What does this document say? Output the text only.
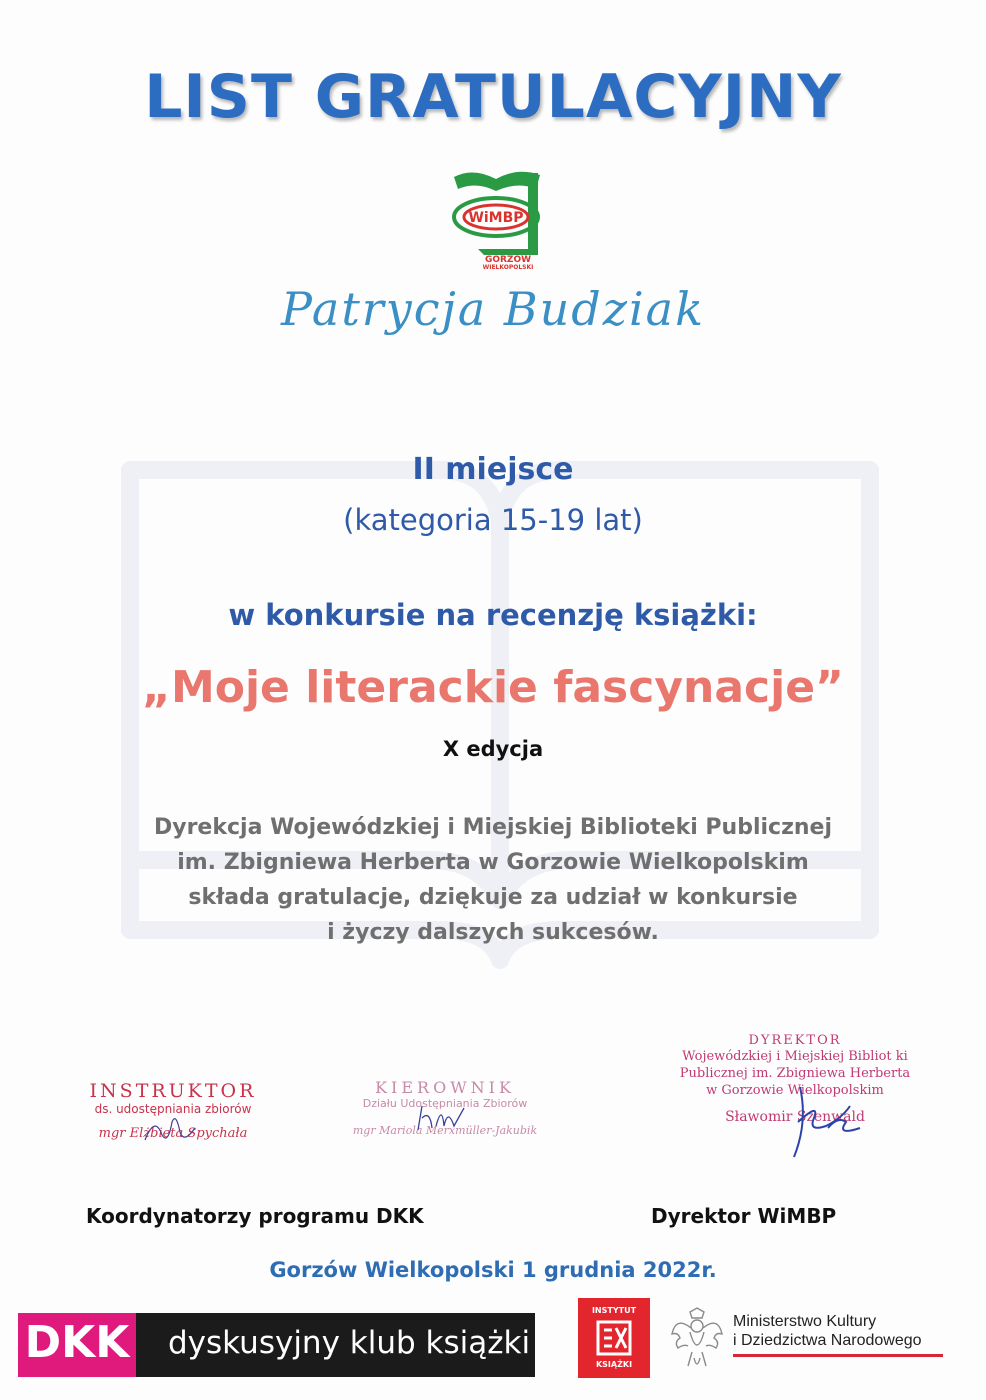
LIST GRATULACYJNY
WiMBP
GORZÓW
WIELKOPOLSKI
Patrycja Budziak
II miejsce
(kategoria 15-19 lat)
w konkursie na recenzję książki:
„Moje literackie fascynacje”
X edycja
Dyrekcja Wojewódzkiej i Miejskiej Biblioteki Publicznej
im. Zbigniewa Herberta w Gorzowie Wielkopolskim
składa gratulacje, dziękuje za udział w konkursie
i życzy dalszych sukcesów.
INSTRUKTOR
ds. udostępniania zbiorów
mgr Elżbieta Spychała
KIEROWNIK
Działu Udostępniania Zbiorów
mgr Mariola Merxmüller-Jakubik
DYREKTOR
Wojewódzkiej i Miejskiej Bibliot ki
Publicznej im. Zbigniewa Herberta
w Gorzowie Wielkopolskim
Sławomir Szenwald
Koordynatorzy programu DKK	Dyrektor WiMBP
Gorzów Wielkopolski 1 grudnia 2022r.
DKK dyskusyjny klub książki
INSTYTUT
KSIĄŻKI
Ministerstwo Kultury
i Dziedzictwa Narodowego
